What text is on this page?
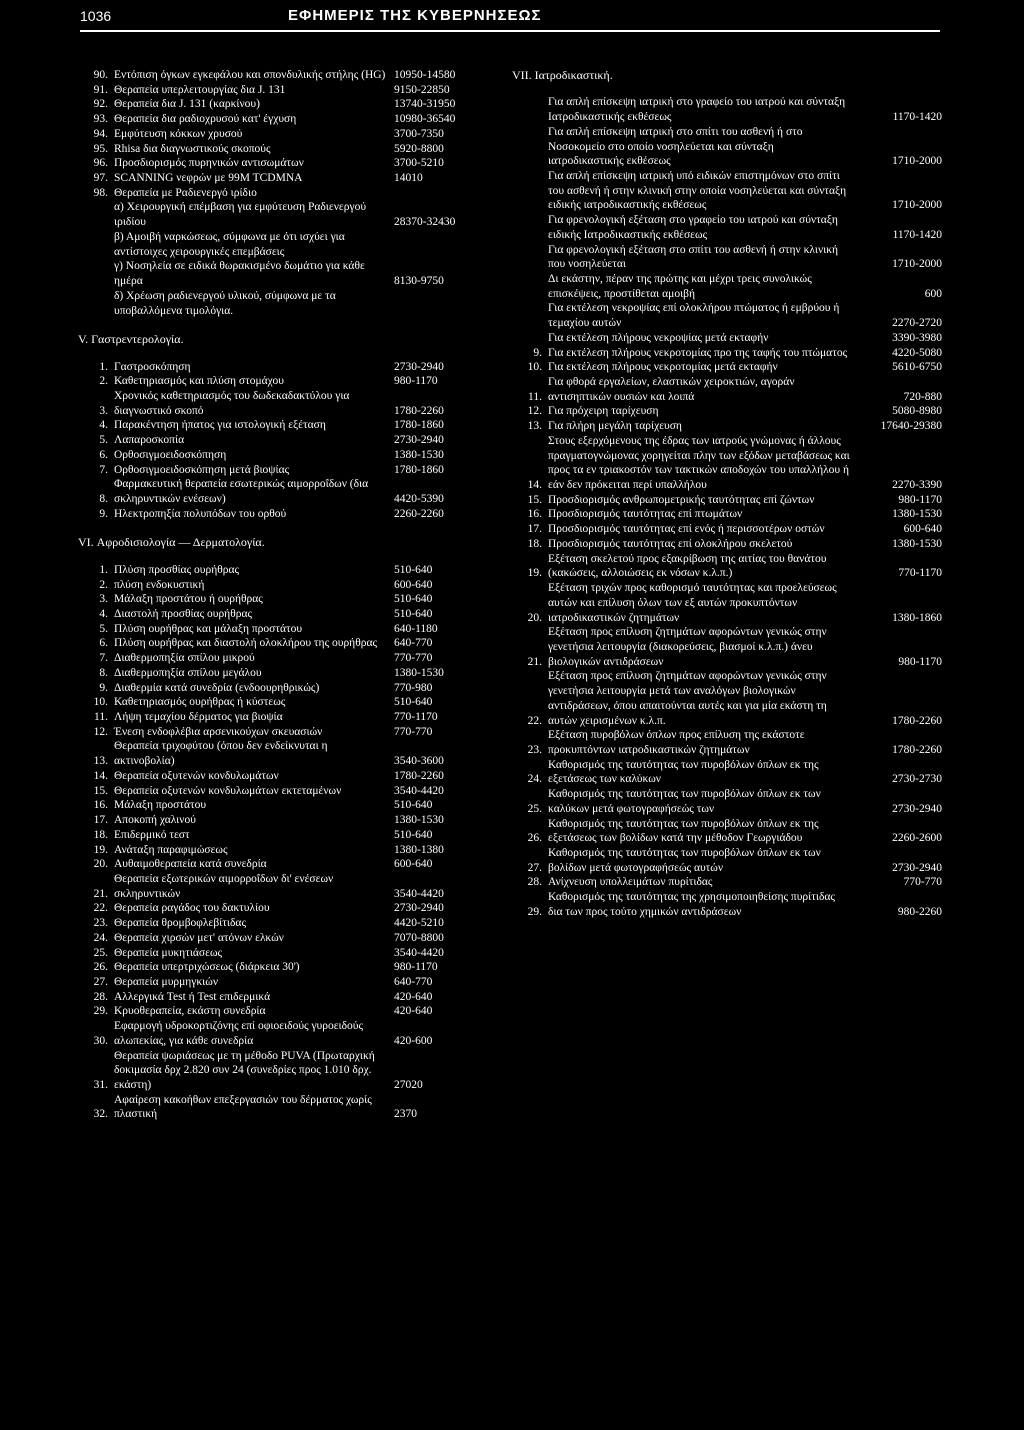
1036	ΕΦΗΜΕΡΙΣ ΤΗΣ ΚΥΒΕΡΝΗΣΕΩΣ
90. Εντόπιση όγκων εγκεφάλου και σπονδυλικής στήλης (HG) 10950-14580
91. Θεραπεία υπερλειτουργίας δια J. 131	9150-22850
92. Θεραπεία δια J. 131 (καρκίνου)	13740-31950
93. Θεραπεία δια ραδιοχρυσού κατ' έγχυση	10980-36540
94. Εμφύτευση κόκκων χρυσού	3700-7350
95. Rhisa δια διαγνωστικούς σκοπούς	5920-8800
96. Προσδιορισμός πυρηνικών αντισωμάτων	3700-5210
97. SCANNING νεφρών με 99M TCDMNA	14010
98. Θεραπεία με Ραδιενεργό ιρίδιο
α) Χειρουργική επέμβαση για εμφύτευση Ραδιενεργού ιριδίου	28370-32430
β) Αμοιβή ναρκώσεως, σύμφωνα με ότι ισχύει για αντίστοιχες χειρουργικές επεμβάσεις
γ) Νοσηλεία σε ειδικά θωρακισμένο δωμάτιο για κάθε ημέρα	8130-9750
δ) Χρέωση ραδιενεργού υλικού, σύμφωνα με τα υποβαλλόμενα τιμολόγια.
V. Γαστρεντερολογία.
1. Γαστροσκόπηση	2730-2940
2. Καθετηριασμός και πλύση στομάχου	980-1170
3.
Χρονικός καθετηριασμός του δωδεκαδακτύλου για διαγνωστικό σκοπό	1780-2260
4. Παρακέντηση ήπατος για ιστολογική εξέταση	1780-1860
5. Λαπαροσκοπία	2730-2940
6. Ορθοσιγμοειδοσκόπηση	1380-1530
7. Ορθοσιγμοειδοσκόπηση μετά βιοψίας	1780-1860
8.
Φαρμακευτική θεραπεία εσωτερικώς αιμορροΐδων (δια σκληρυντικών ενέσεων)	4420-5390
9. Ηλεκτροπηξία πολυπόδων του ορθού	2260-2260
VI. Αφροδισιολογία — Δερματολογία.
1. Πλύση προσθίας ουρήθρας	510-640
2. πλύση ενδοκυστική	600-640
3. Μάλαξη προστάτου ή ουρήθρας	510-640
4. Διαστολή προσθίας ουρήθρας	510-640
5. Πλύση ουρήθρας και μάλαξη προστάτου	640-1180
6. Πλύση ουρήθρας και διαστολή ολοκλήρου της ουρήθρας	640-770
7. Διαθερμοπηξία σπίλου μικρού	770-770
8. Διαθερμοπηξία σπίλου μεγάλου	1380-1530
9. Διαθερμία κατά συνεδρία (ενδοουρηθρικώς)	770-980
10. Καθετηριασμός ουρήθρας ή κύστεως	510-640
11. Λήψη τεμαχίου δέρματος για βιοψία	770-1170
12. Ένεση ενδοφλέβια αρσενικούχων σκευασιών	770-770
13.
Θεραπεία τριχοφύτου (όπου δεν ενδείκνυται η ακτινοβολία)	3540-3600
14. Θεραπεία οξυτενών κονδυλωμάτων	1780-2260
15. Θεραπεία οξυτενών κονδυλωμάτων εκτεταμένων	3540-4420
16. Μάλαξη προστάτου	510-640
17. Αποκοπή χαλινού	1380-1530
18. Επιδερμικό τεστ	510-640
19. Ανάταξη παραφιμώσεως	1380-1380
20. Αυθαιμοθεραπεία κατά συνεδρία	600-640
21.
Θεραπεία εξωτερικών αιμορροΐδων δι' ενέσεων σκληρυντικών	3540-4420
22. Θεραπεία ραγάδος του δακτυλίου	2730-2940
23. Θεραπεία θρομβοφλεβίτιδας	4420-5210
24. Θεραπεία χιρσών μετ' ατόνων ελκών	7070-8800
25. Θεραπεία μυκητιάσεως	3540-4420
26. Θεραπεία υπερτριχώσεως (διάρκεια 30')	980-1170
27. Θεραπεία μυρμηγκιών	640-770
28. Αλλεργικά Test ή Test επιδερμικά	420-640
29. Κρυοθεραπεία, εκάστη συνεδρία	420-640
30.
Εφαρμογή υδροκορτιζόνης επί οφιοειδούς γυροειδούς αλωπεκίας, για κάθε συνεδρία	420-600
31.
Θεραπεία ψωριάσεως με τη μέθοδο PUVA (Πρωταρχική δοκιμασία δρχ 2.820 συν 24 (συνεδρίες προς 1.010 δρχ. εκάστη)	27020
32.
Αφαίρεση κακοήθων επεξεργασιών του δέρματος χωρίς πλαστική	2370
VII. Ιατροδικαστική.
Για απλή επίσκεψη ιατρική στο γραφείο του ιατρού και σύνταξη Ιατροδικαστικής εκθέσεως	1170-1420
Για απλή επίσκεψη ιατρική στο σπίτι του ασθενή ή στο Νοσοκομείο στο οποίο νοσηλεύεται και σύνταξη ιατροδικαστικής εκθέσεως	1710-2000
Για απλή επίσκεψη ιατρική υπό ειδικών επιστημόνων στο σπίτι του ασθενή ή στην κλινική στην οποία νοσηλεύεται και σύνταξη ειδικής ιατροδικαστικής εκθέσεως	1710-2000
Για φρενολογική εξέταση στο γραφείο του ιατρού και σύνταξη ειδικής Ιατροδικαστικής εκθέσεως	1170-1420
Για φρενολογική εξέταση στο σπίτι του ασθενή ή στην κλινική που νοσηλεύεται	1710-2000
Δι εκάστην, πέραν της πρώτης και μέχρι τρεις συνολικώς επισκέψεις, προστίθεται αμοιβή	600
Για εκτέλεση νεκροψίας επί ολοκλήρου πτώματος ή εμβρύου ή τεμαχίου αυτών	2270-2720
Για εκτέλεση πλήρους νεκροψίας μετά εκταφήν	3390-3980
9. Για εκτέλεση πλήρους νεκροτομίας προ της ταφής του πτώματος	4220-5080
10. Για εκτέλεση πλήρους νεκροτομίας μετά εκταφήν	5610-6750
11.
Για φθορά εργαλείων, ελαστικών χειροκτιών, αγοράν αντισηπτικών ουσιών και λοιπά	720-880
12. Για πρόχειρη ταρίχευση	5080-8980
13. Για πλήρη μεγάλη ταρίχευση	17640-29380
14.
Στους εξερχόμενους της έδρας των ιατρούς γνώμονας ή άλλους πραγματογνώμονας χορηγείται πλην των εξόδων μεταβάσεως και προς τα εν τριακοστόν των τακτικών αποδοχών του υπαλλήλου ή εάν δεν πρόκειται περί υπαλλήλου	2270-3390
15. Προσδιορισμός ανθρωπομετρικής ταυτότητας επί ζώντων	980-1170
16. Προσδιορισμός ταυτότητας επί πτωμάτων	1380-1530
17. Προσδιορισμός ταυτότητας επί ενός ή περισσοτέρων οστών	600-640
18. Προσδιορισμός ταυτότητας επί ολοκλήρου σκελετού	1380-1530
19.
Εξέταση σκελετού προς εξακρίβωση της αιτίας του θανάτου (κακώσεις, αλλοιώσεις εκ νόσων κ.λ.π.)	770-1170
20.
Εξέταση τριχών προς καθορισμό ταυτότητας και προελεύσεως αυτών και επίλυση όλων των εξ αυτών προκυπτόντων ιατροδικαστικών ζητημάτων	1380-1860
21.
Εξέταση προς επίλυση ζητημάτων αφορώντων γενικώς στην γενετήσια λειτουργία (διακορεύσεις, βιασμοί κ.λ.π.) άνευ βιολογικών αντιδράσεων	980-1170
22.
Εξέταση προς επίλυση ζητημάτων αφορώντων γενικώς στην γενετήσια λειτουργία μετά των αναλόγων βιολογικών αντιδράσεων, όπου απαιτούνται αυτές και για μία εκάστη τη αυτών χειρισμένων κ.λ.π.	1780-2260
23.
Εξέταση πυροβόλων όπλων προς επίλυση της εκάστοτε προκυπτόντων ιατροδικαστικών ζητημάτων	1780-2260
24.
Καθορισμός της ταυτότητας των πυροβόλων όπλων εκ της εξετάσεως των καλύκων	2730-2730
25.
Καθορισμός της ταυτότητας των πυροβόλων όπλων εκ των καλύκων μετά φωτογραφήσεώς των	2730-2940
26.
Καθορισμός της ταυτότητας των πυροβόλων όπλων εκ της εξετάσεως των βολίδων κατά την μέθοδον Γεωργιάδου	2260-2600
27.
Καθορισμός της ταυτότητας των πυροβόλων όπλων εκ των βολίδων μετά φωτογραφήσεώς αυτών	2730-2940
28. Ανίχνευση υπολλειμάτων πυρίτιδας	770-770
29.
Καθορισμός της ταυτότητας της χρησιμοποιηθείσης πυρίτιδας δια των προς τούτο χημικών αντιδράσεων	980-2260
